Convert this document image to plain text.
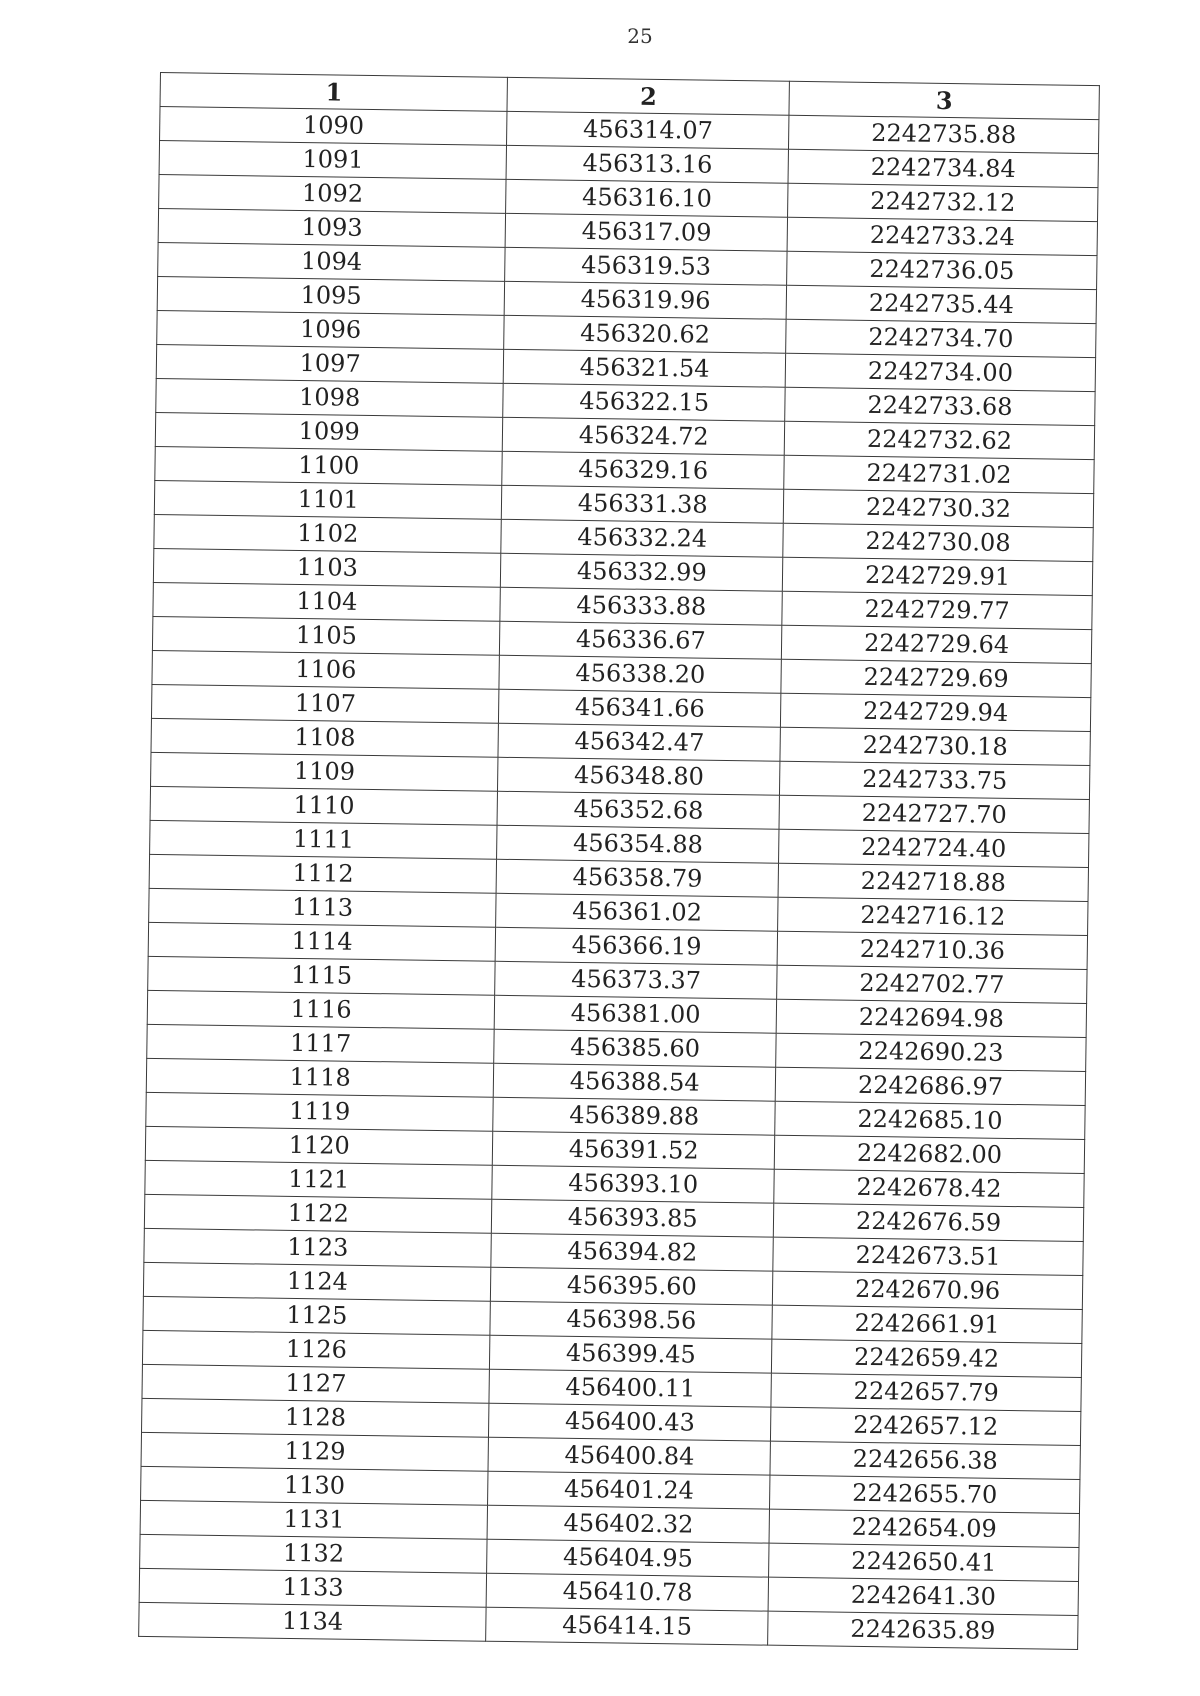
25
1	2	3
1090	456314.07	2242735.88
1091	456313.16	2242734.84
1092	456316.10	2242732.12
1093	456317.09	2242733.24
1094	456319.53	2242736.05
1095	456319.96	2242735.44
1096	456320.62	2242734.70
1097	456321.54	2242734.00
1098	456322.15	2242733.68
1099	456324.72	2242732.62
1100	456329.16	2242731.02
1101	456331.38	2242730.32
1102	456332.24	2242730.08
1103	456332.99	2242729.91
1104	456333.88	2242729.77
1105	456336.67	2242729.64
1106	456338.20	2242729.69
1107	456341.66	2242729.94
1108	456342.47	2242730.18
1109	456348.80	2242733.75
1110	456352.68	2242727.70
1111	456354.88	2242724.40
1112	456358.79	2242718.88
1113	456361.02	2242716.12
1114	456366.19	2242710.36
1115	456373.37	2242702.77
1116	456381.00	2242694.98
1117	456385.60	2242690.23
1118	456388.54	2242686.97
1119	456389.88	2242685.10
1120	456391.52	2242682.00
1121	456393.10	2242678.42
1122	456393.85	2242676.59
1123	456394.82	2242673.51
1124	456395.60	2242670.96
1125	456398.56	2242661.91
1126	456399.45	2242659.42
1127	456400.11	2242657.79
1128	456400.43	2242657.12
1129	456400.84	2242656.38
1130	456401.24	2242655.70
1131	456402.32	2242654.09
1132	456404.95	2242650.41
1133	456410.78	2242641.30
1134	456414.15	2242635.89
